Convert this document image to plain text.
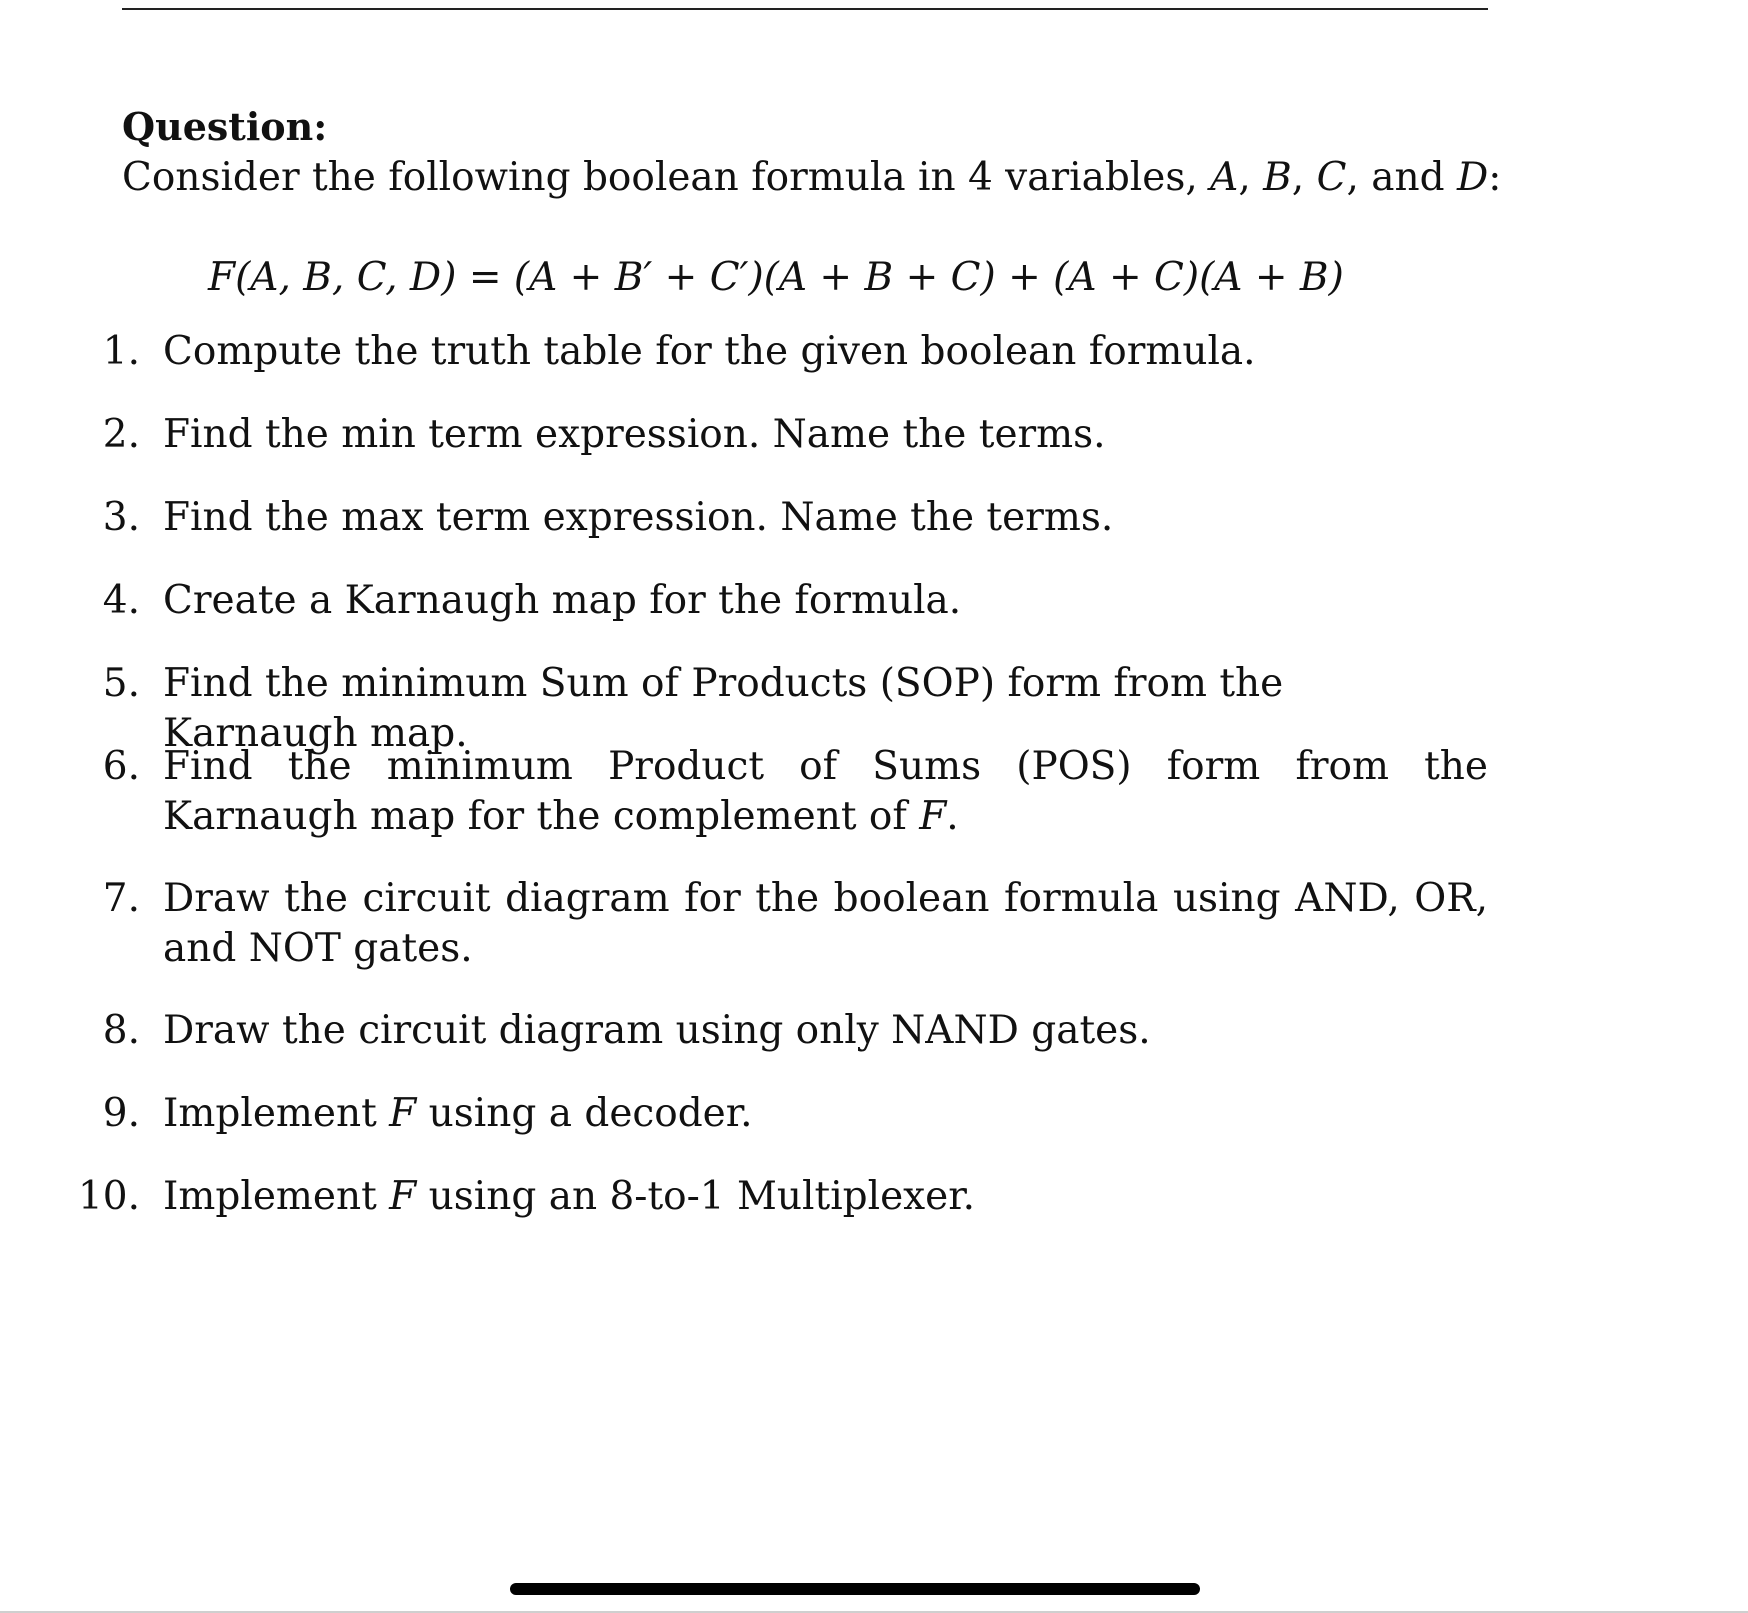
Question:
Consider the following boolean formula in 4 variables, A, B, C, and D:
F(A, B, C, D) = (A + B′ + C′)(A + B + C) + (A + C)(A + B)
1. Compute the truth table for the given boolean formula.
2. Find the min term expression. Name the terms.
3. Find the max term expression. Name the terms.
4. Create a Karnaugh map for the formula.
5. Find the minimum Sum of Products (SOP) form from the Karnaugh map.
6. Find the minimum Product of Sums (POS) form from the Karnaugh map for the complement of F.
7. Draw the circuit diagram for the boolean formula using AND, OR, and NOT gates.
8. Draw the circuit diagram using only NAND gates.
9. Implement F using a decoder.
10. Implement F using an 8-to-1 Multiplexer.
